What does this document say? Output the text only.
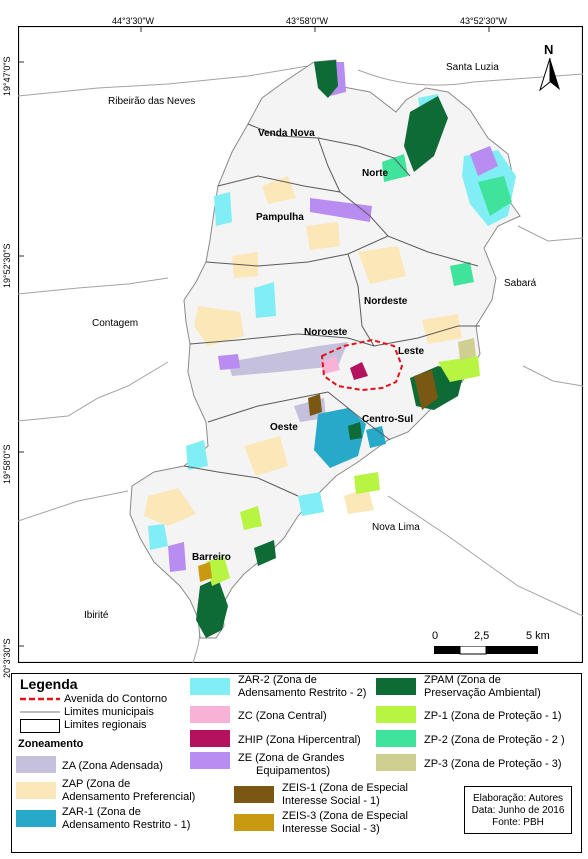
44°3'30"W	43°58'0"W	43°52'30"W
19°47'0"S
19°52'30"S
19°58'0"S
20°3'30"S
Santa Luzia
Ribeirão das Neves
Sabará
Contagem
Nova Lima
Ibirité
Venda Nova
Norte
Pampulha
Nordeste
Noroeste
Leste
Oeste
Centro-Sul
Barreiro
N
0	2,5	5 km
Legenda
Avenida do Contorno
Limites municipais
Limites regionais
Zoneamento
ZA (Zona Adensada)
ZAP (Zona de
Adensamento Preferencial)
ZAR-1 (Zona de
Adensamento Restrito - 1)
ZAR-2 (Zona de
Adensamento Restrito - 2)
ZC (Zona Central)
ZHIP (Zona Hipercentral)
ZE (Zona de Grandes
Equipamentos)
ZEIS-1 (Zona de Especial
Interesse Social - 1)
ZEIS-3 (Zona de Especial
Interesse Social - 3)
ZPAM (Zona de
Preservação Ambiental)
ZP-1 (Zona de Proteção - 1)
ZP-2 (Zona de Proteção - 2 )
ZP-3 (Zona de Proteção - 3)
Elaboração: Autores
Data: Junho de 2016
Fonte: PBH
